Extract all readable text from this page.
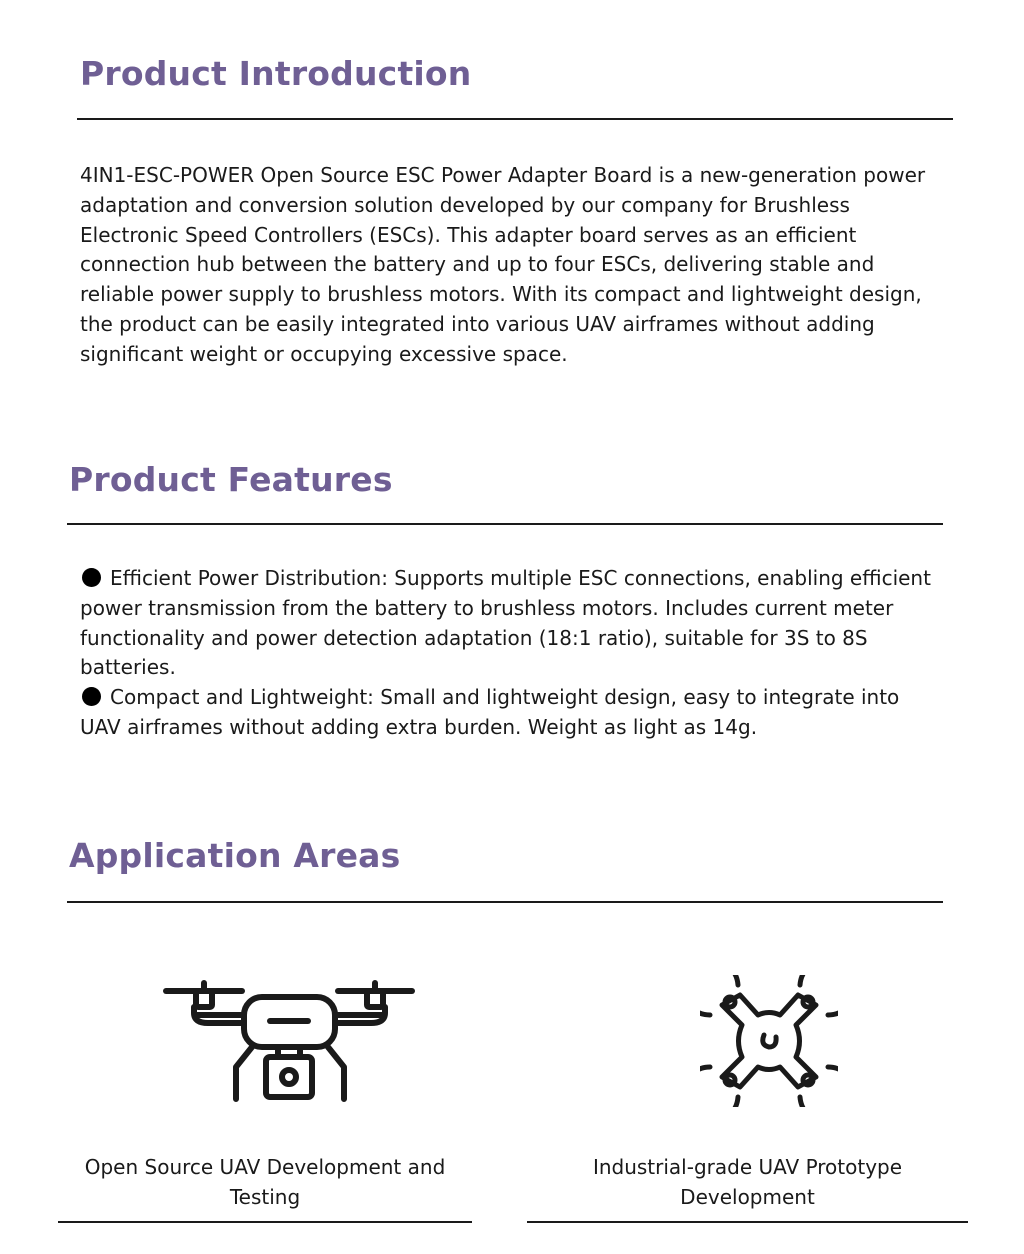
Product Introduction

4IN1-ESC-POWER Open Source ESC Power Adapter Board is a new-generation power adaptation and conversion solution developed by our company for Brushless Electronic Speed Controllers (ESCs). This adapter board serves as an efficient connection hub between the battery and up to four ESCs, delivering stable and reliable power supply to brushless motors. With its compact and lightweight design, the product can be easily integrated into various UAV airframes without adding significant weight or occupying excessive space.

Product Features

Efficient Power Distribution: Supports multiple ESC connections, enabling efficient power transmission from the battery to brushless motors. Includes current meter functionality and power detection adaptation (18:1 ratio), suitable for 3S to 8S batteries.

Compact and Lightweight: Small and lightweight design, easy to integrate into UAV airframes without adding extra burden. Weight as light as 14g.

Application Areas

Open Source UAV Development and Testing

Industrial-grade UAV Prototype Development
